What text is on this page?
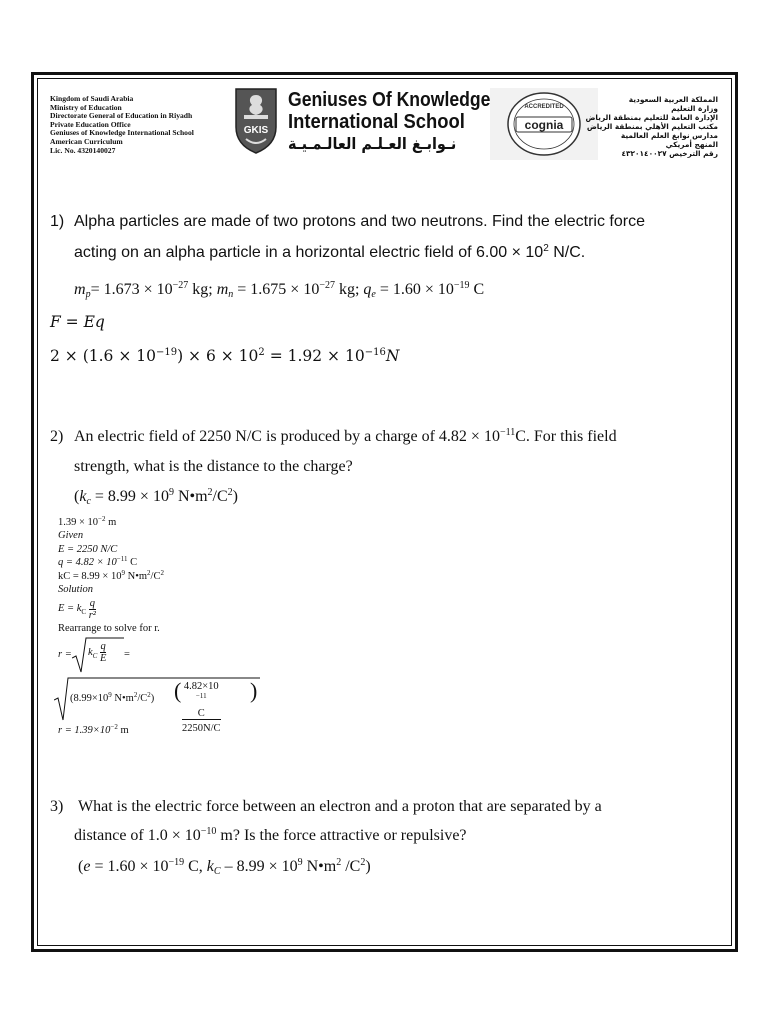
Kingdom of Saudi Arabia
Ministry of Education
Directorate General of Education in Riyadh
Private Education Office
Geniuses of Knowledge International School
American Curriculum
Lic. No. 4320140027
GKIS
Geniuses Of Knowledge
International School
نـوابـغ العـلـم العالـمـيـة
ACCREDITED
cognia
المملكة العربية السعودية
وزارة التعليم
الإدارة العامة للتعليم بمنطقة الرياض
مكتب التعليم الأهلي بمنطقة الرياض
مدارس نوابغ العلم العالمية
المنهج أمريكي
رقم الترخيص ٤٣٢٠١٤٠٠٢٧
1) Alpha particles are made of two protons and two neutrons. Find the electric force
acting on an alpha particle in a horizontal electric field of $6.00 \times 10^2$ N/C.
$m_p= 1.673 \times 10^{-27}$ kg; $m_n = 1.675 \times 10^{-27}$ kg; $q_e = 1.60 \times 10^{-19}$ C
F = Eq
$2 \times (1.6 \times 10^{-19}) \times 6 \times 10^2 = 1.92 \times 10^{-16}N$
2) An electric field of 2250 N/C is produced by a charge of $4.82 \times 10^{-11}C$. For this field
strength, what is the distance to the charge?
($k_c = 8.99 \times 10^9$ $N•m^2/C^2$)
$1.39 \times 10^{-2}$ m
Given
E = 2250 N/C
$q = 4.82 \times 10^{-11}$ C
kC = $8.99 \times 10^9$ $N•m^2/C^2$
Solution
$E = k_C \frac{q}{\text{r²}}$
Rearrange to solve for r.
$r = k_C \frac{q}{E}$ =
($8.99\times 10^9$ $N•m^2/C^2$) ( 4.82×10
$^{-11}$
C
2250N/C )
$r = 1.39\times 10^{-2}$ m
3) What is the electric force between an electron and a proton that are separated by a
distance of $1.0 \times 10^{-10}$ m? Is the force attractive or repulsive?
($e = 1.60 \times 10^{-19}$ C, $k_C - 8.99 \times 10^9$ $N•m^2$ $/C^2$)
